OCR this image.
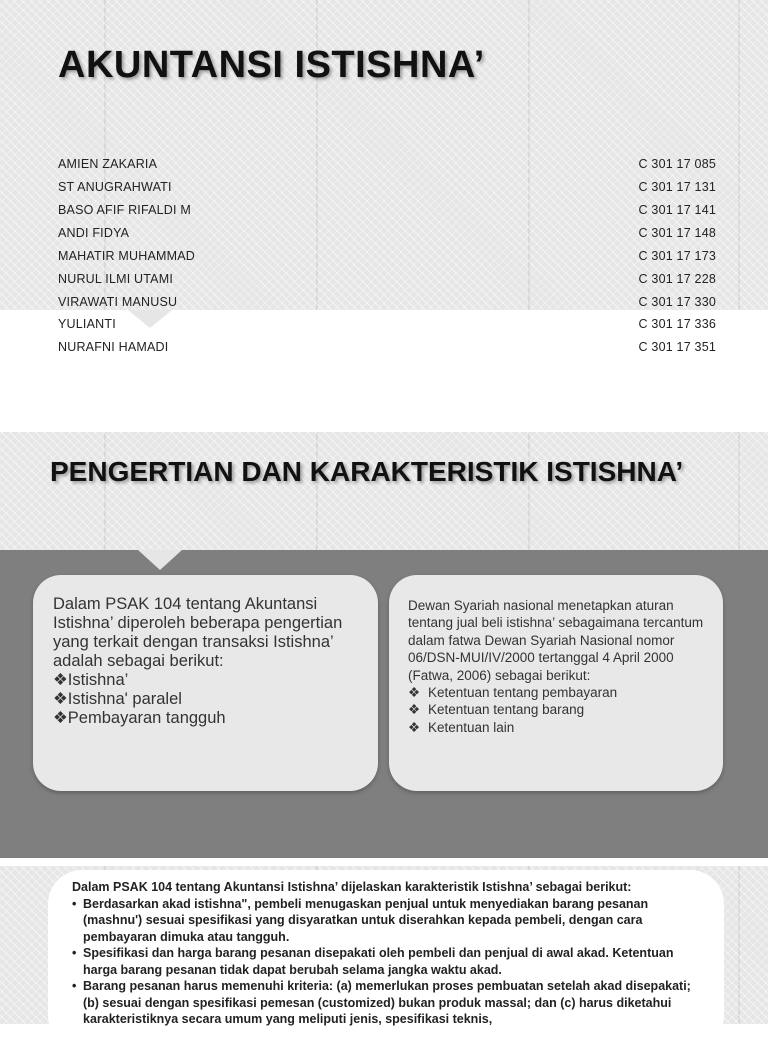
AKUNTANSI ISTISHNA’
AMIEN ZAKARIA	C 301 17 085
ST ANUGRAHWATI	C 301 17 131
BASO AFIF RIFALDI M	C 301 17 141
ANDI FIDYA	C 301 17 148
MAHATIR MUHAMMAD	C 301 17 173
NURUL ILMI UTAMI	C 301 17 228
VIRAWATI MANUSU	C 301 17 330
YULIANTI	C 301 17 336
NURAFNI HAMADI	C 301 17 351
PENGERTIAN DAN KARAKTERISTIK ISTISHNA’

Dalam PSAK 104 tentang Akuntansi Istishna’ diperoleh beberapa pengertian yang terkait dengan transaksi Istishna’ adalah sebagai berikut:

❖Istishna’

❖Istishna' paralel

❖Pembayaran tangguh

Dewan Syariah nasional menetapkan aturan tentang jual beli istishna’ sebagaimana tercantum dalam fatwa Dewan Syariah Nasional nomor 06/DSN-MUI/IV/2000 tertanggal 4 April 2000 (Fatwa, 2006) sebagai berikut:

❖ Ketentuan tentang pembayaran

❖ Ketentuan tentang barang

❖ Ketentuan lain

Dalam PSAK 104 tentang Akuntansi Istishna’ dijelaskan karakteristik Istishna’ sebagai berikut:

• Berdasarkan akad istishna", pembeli menugaskan penjual untuk menyediakan barang pesanan (mashnu') sesuai spesifikasi yang disyaratkan untuk diserahkan kepada pembeli, dengan cara pembayaran dimuka atau tangguh.

• Spesifikasi dan harga barang pesanan disepakati oleh pembeli dan penjual di awal akad. Ketentuan harga barang pesanan tidak dapat berubah selama jangka waktu akad.

• Barang pesanan harus memenuhi kriteria: (a) memerlukan proses pembuatan setelah akad disepakati; (b) sesuai dengan spesifikasi pemesan (customized) bukan produk massal; dan (c) harus diketahui karakteristiknya secara umum yang meliputi jenis, spesifikasi teknis,
